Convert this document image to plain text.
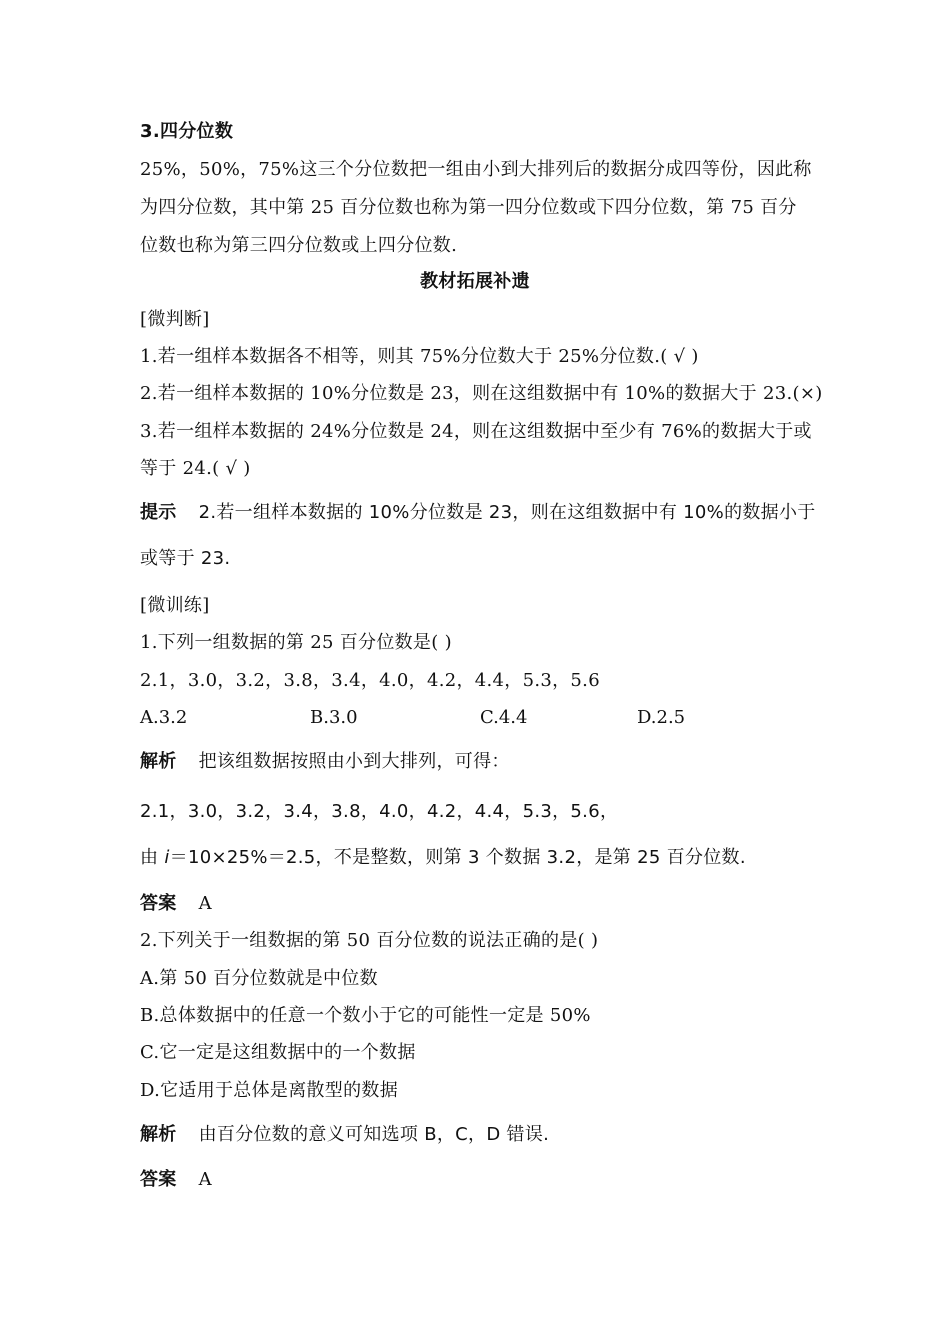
3.四分位数
25%，50%，75%这三个分位数把一组由小到大排列后的数据分成四等份，因此称
为四分位数，其中第 25 百分位数也称为第一四分位数或下四分位数，第 75 百分
位数也称为第三四分位数或上四分位数.
教材拓展补遗
[微判断]
1.若一组样本数据各不相等，则其 75%分位数大于 25%分位数.( √ )
2.若一组样本数据的 10%分位数是 23，则在这组数据中有 10%的数据大于 23.(×)
3.若一组样本数据的 24%分位数是 24，则在这组数据中至少有 76%的数据大于或
等于 24.( √ )
提示 2.若一组样本数据的 10%分位数是 23，则在这组数据中有 10%的数据小于
或等于 23.
[微训练]
1.下列一组数据的第 25 百分位数是( )
2.1，3.0，3.2，3.8，3.4，4.0，4.2，4.4，5.3，5.6
A.3.2	B.3.0	C.4.4	D.2.5
解析 把该组数据按照由小到大排列，可得：
2.1，3.0，3.2，3.4，3.8，4.0，4.2，4.4，5.3，5.6，
由 i＝10×25%＝2.5，不是整数，则第 3 个数据 3.2，是第 25 百分位数.
答案 A
2.下列关于一组数据的第 50 百分位数的说法正确的是( )
A.第 50 百分位数就是中位数
B.总体数据中的任意一个数小于它的可能性一定是 50%
C.它一定是这组数据中的一个数据
D.它适用于总体是离散型的数据
解析 由百分位数的意义可知选项 B，C，D 错误.
答案 A
